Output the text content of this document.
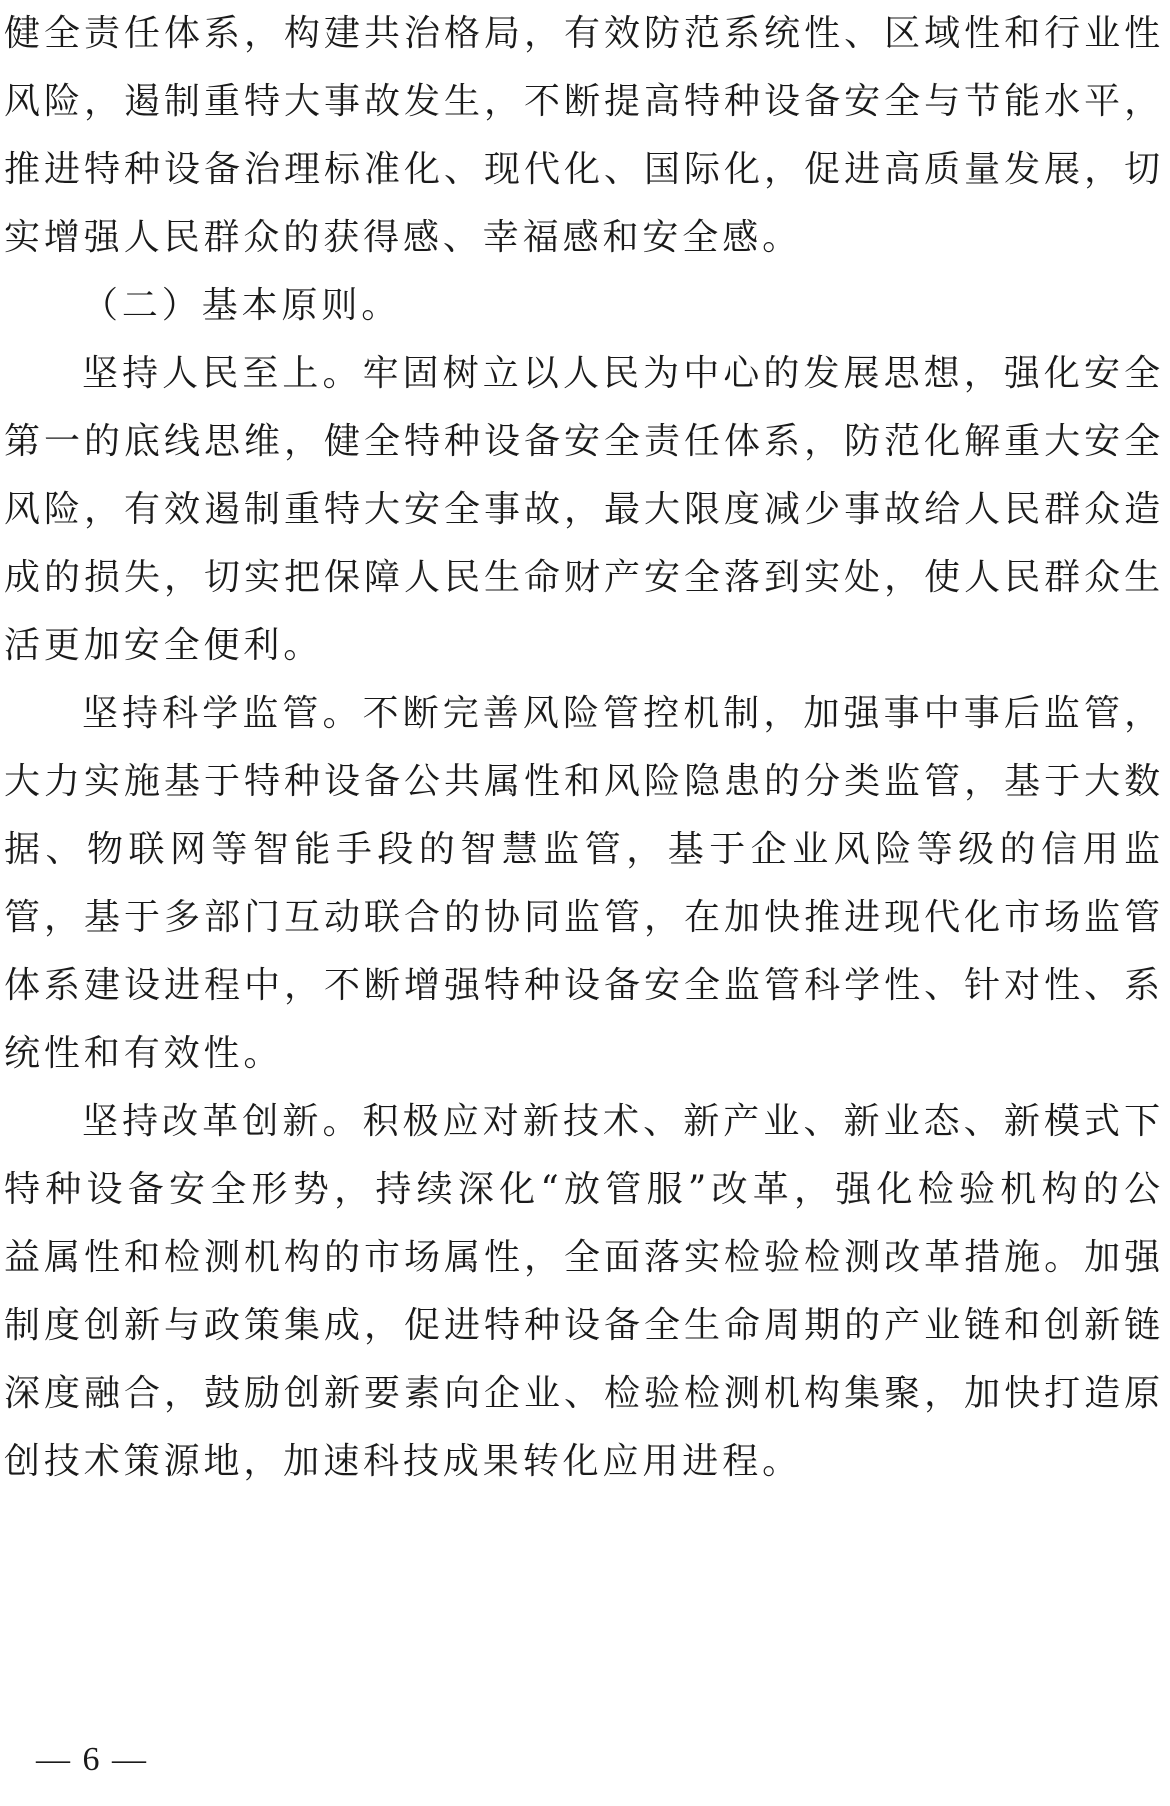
健全责任体系，构建共治格局，有效防范系统性、区域性和行业性风险，遏制重特大事故发生，不断提高特种设备安全与节能水平，推进特种设备治理标准化、现代化、国际化，促进高质量发展，切实增强人民群众的获得感、幸福感和安全感。

（二）基本原则。

坚持人民至上。牢固树立以人民为中心的发展思想，强化安全第一的底线思维，健全特种设备安全责任体系，防范化解重大安全风险，有效遏制重特大安全事故，最大限度减少事故给人民群众造成的损失，切实把保障人民生命财产安全落到实处，使人民群众生活更加安全便利。

坚持科学监管。不断完善风险管控机制，加强事中事后监管，大力实施基于特种设备公共属性和风险隐患的分类监管，基于大数据、物联网等智能手段的智慧监管，基于企业风险等级的信用监管，基于多部门互动联合的协同监管，在加快推进现代化市场监管体系建设进程中，不断增强特种设备安全监管科学性、针对性、系统性和有效性。

坚持改革创新。积极应对新技术、新产业、新业态、新模式下特种设备安全形势，持续深化“放管服”改革，强化检验机构的公益属性和检测机构的市场属性，全面落实检验检测改革措施。加强制度创新与政策集成，促进特种设备全生命周期的产业链和创新链深度融合，鼓励创新要素向企业、检验检测机构集聚，加快打造原创技术策源地，加速科技成果转化应用进程。

— 6 —
